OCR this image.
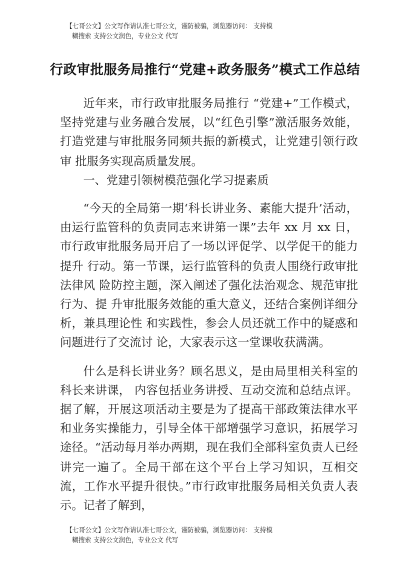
【七哥公文】公文写作请认准七哥公文，谨防被骗，浏览器访问： 支持模
糊搜索 支持公文润色，专业公文 代写
行政审批服务局推行“党建+政务服务”模式工作总结

近年来，市行政审批服务局推行 “党建+”工作模式，坚持党建与业务融合发展，以“红色引擎”激活服务效能，打造党建与审批服务同频共振的新模式，让党建引领行政审 批服务实现高质量发展。

一、党建引领树模范强化学习提素质

“今天的全局第一期‘科长讲业务、素能大提升’活动，由运行监管科的负责同志来讲第一课”去年 xx 月 xx 日，市行政审批服务局开启了一场以评促学、以学促干的能力提升 行动。第一节课，运行监管科的负责人围绕行政审批法律风 险防控主题，深入阐述了强化法治观念、规范审批行为、提 升审批服务效能的重大意义，还结合案例详细分析，兼具理论性 和实践性，参会人员还就工作中的疑惑和问题进行了交流讨 论，大家表示这一堂课收获满满。

什么是科长讲业务？顾名思义，是由局里相关科室的科长来讲课， 内容包括业务讲授、互动交流和总结点评。据了解，开展这项活动主要是为了提高干部政策法律水平和业务实操能力，引导全体干部增强学习意识，拓展学习途径。“活动每月举办两期，现在我们全部科室负责人已经讲完一遍了。全局干部在这个平台上学习知识，互相交流，工作水平提升很快。”市行政审批服务局相关负责人表示。记者了解到，

【七哥公文】公文写作请认准七哥公文，谨防被骗，浏览器访问： 支持模
糊搜索 支持公文润色，专业公文 代写
